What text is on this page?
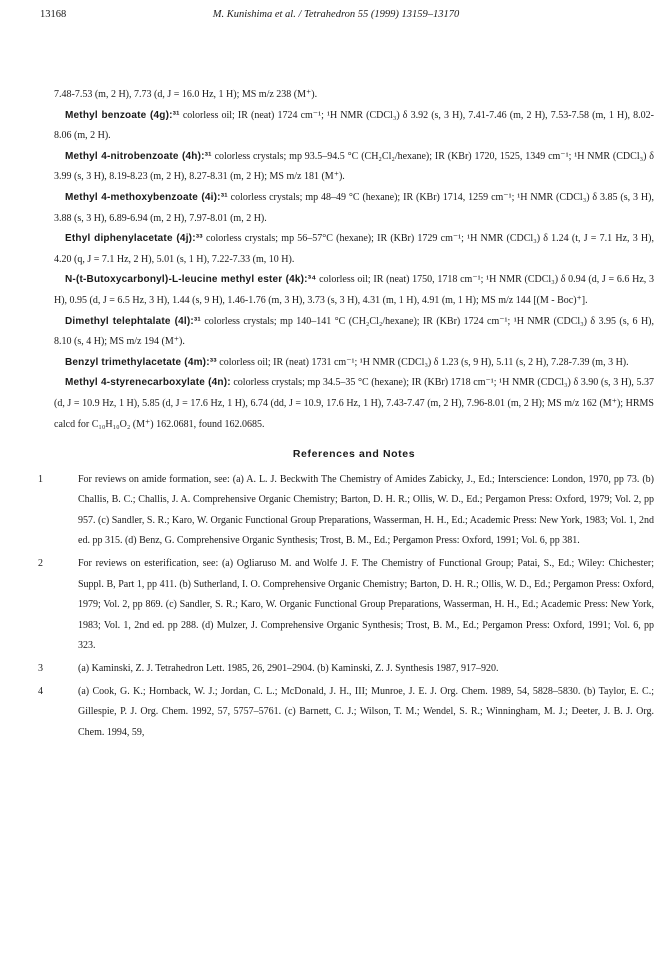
13168	M. Kunishima et al. / Tetrahedron 55 (1999) 13159–13170

7.48-7.53 (m, 2 H), 7.73 (d, J = 16.0 Hz, 1 H); MS m/z 238 (M⁺).

Methyl benzoate (4g):³¹ colorless oil; IR (neat) 1724 cm⁻¹; ¹H NMR (CDCl₃) δ 3.92 (s, 3 H), 7.41-7.46 (m, 2 H), 7.53-7.58 (m, 1 H), 8.02-8.06 (m, 2 H).

Methyl 4-nitrobenzoate (4h):³¹ colorless crystals; mp 93.5–94.5 °C (CH₂Cl₂/hexane); IR (KBr) 1720, 1525, 1349 cm⁻¹; ¹H NMR (CDCl₃) δ 3.99 (s, 3 H), 8.19-8.23 (m, 2 H), 8.27-8.31 (m, 2 H); MS m/z 181 (M⁺).

Methyl 4-methoxybenzoate (4i):³¹ colorless crystals; mp 48–49 °C (hexane); IR (KBr) 1714, 1259 cm⁻¹; ¹H NMR (CDCl₃) δ 3.85 (s, 3 H), 3.88 (s, 3 H), 6.89-6.94 (m, 2 H), 7.97-8.01 (m, 2 H).

Ethyl diphenylacetate (4j):³³ colorless crystals; mp 56–57°C (hexane); IR (KBr) 1729 cm⁻¹; ¹H NMR (CDCl₃) δ 1.24 (t, J = 7.1 Hz, 3 H), 4.20 (q, J = 7.1 Hz, 2 H), 5.01 (s, 1 H), 7.22-7.33 (m, 10 H).

N-(t-Butoxycarbonyl)-L-leucine methyl ester (4k):³⁴ colorless oil; IR (neat) 1750, 1718 cm⁻¹; ¹H NMR (CDCl₃) δ 0.94 (d, J = 6.6 Hz, 3 H), 0.95 (d, J = 6.5 Hz, 3 H), 1.44 (s, 9 H), 1.46-1.76 (m, 3 H), 3.73 (s, 3 H), 4.31 (m, 1 H), 4.91 (m, 1 H); MS m/z 144 [(M - Boc)⁺].

Dimethyl telephtalate (4l):³¹ colorless crystals; mp 140–141 °C (CH₂Cl₂/hexane); IR (KBr) 1724 cm⁻¹; ¹H NMR (CDCl₃) δ 3.95 (s, 6 H), 8.10 (s, 4 H); MS m/z 194 (M⁺).

Benzyl trimethylacetate (4m):³³ colorless oil; IR (neat) 1731 cm⁻¹; ¹H NMR (CDCl₃) δ 1.23 (s, 9 H), 5.11 (s, 2 H), 7.28-7.39 (m, 3 H).

Methyl 4-styrenecarboxylate (4n): colorless crystals; mp 34.5–35 °C (hexane); IR (KBr) 1718 cm⁻¹; ¹H NMR (CDCl₃) δ 3.90 (s, 3 H), 5.37 (d, J = 10.9 Hz, 1 H), 5.85 (d, J = 17.6 Hz, 1 H), 6.74 (dd, J = 10.9, 17.6 Hz, 1 H), 7.43-7.47 (m, 2 H), 7.96-8.01 (m, 2 H); MS m/z 162 (M⁺); HRMS calcd for C₁₀H₁₀O₂ (M⁺) 162.0681, found 162.0685.

References and Notes

1	For reviews on amide formation, see: (a) A. L. J. Beckwith The Chemistry of Amides Zabicky, J., Ed.; Interscience: London, 1970, pp 73. (b) Challis, B. C.; Challis, J. A. Comprehensive Organic Chemistry; Barton, D. H. R.; Ollis, W. D., Ed.; Pergamon Press: Oxford, 1979; Vol. 2, pp 957. (c) Sandler, S. R.; Karo, W. Organic Functional Group Preparations, Wasserman, H. H., Ed.; Academic Press: New York, 1983; Vol. 1, 2nd ed. pp 315. (d) Benz, G. Comprehensive Organic Synthesis; Trost, B. M., Ed.; Pergamon Press: Oxford, 1991; Vol. 6, pp 381.

2	For reviews on esterification, see: (a) Ogliaruso M. and Wolfe J. F. The Chemistry of Functional Group; Patai, S., Ed.; Wiley: Chichester; Suppl. B, Part 1, pp 411. (b) Sutherland, I. O. Comprehensive Organic Chemistry; Barton, D. H. R.; Ollis, W. D., Ed.; Pergamon Press: Oxford, 1979; Vol. 2, pp 869. (c) Sandler, S. R.; Karo, W. Organic Functional Group Preparations, Wasserman, H. H., Ed.; Academic Press: New York, 1983; Vol. 1, 2nd ed. pp 288. (d) Mulzer, J. Comprehensive Organic Synthesis; Trost, B. M., Ed.; Pergamon Press: Oxford, 1991; Vol. 6, pp 323.

3	(a) Kaminski, Z. J. Tetrahedron Lett. 1985, 26, 2901–2904. (b) Kaminski, Z. J. Synthesis 1987, 917–920.

4	(a) Cook, G. K.; Hornback, W. J.; Jordan, C. L.; McDonald, J. H., III; Munroe, J. E. J. Org. Chem. 1989, 54, 5828–5830. (b) Taylor, E. C.; Gillespie, P. J. Org. Chem. 1992, 57, 5757–5761. (c) Barnett, C. J.; Wilson, T. M.; Wendel, S. R.; Winningham, M. J.; Deeter, J. B. J. Org. Chem. 1994, 59,
